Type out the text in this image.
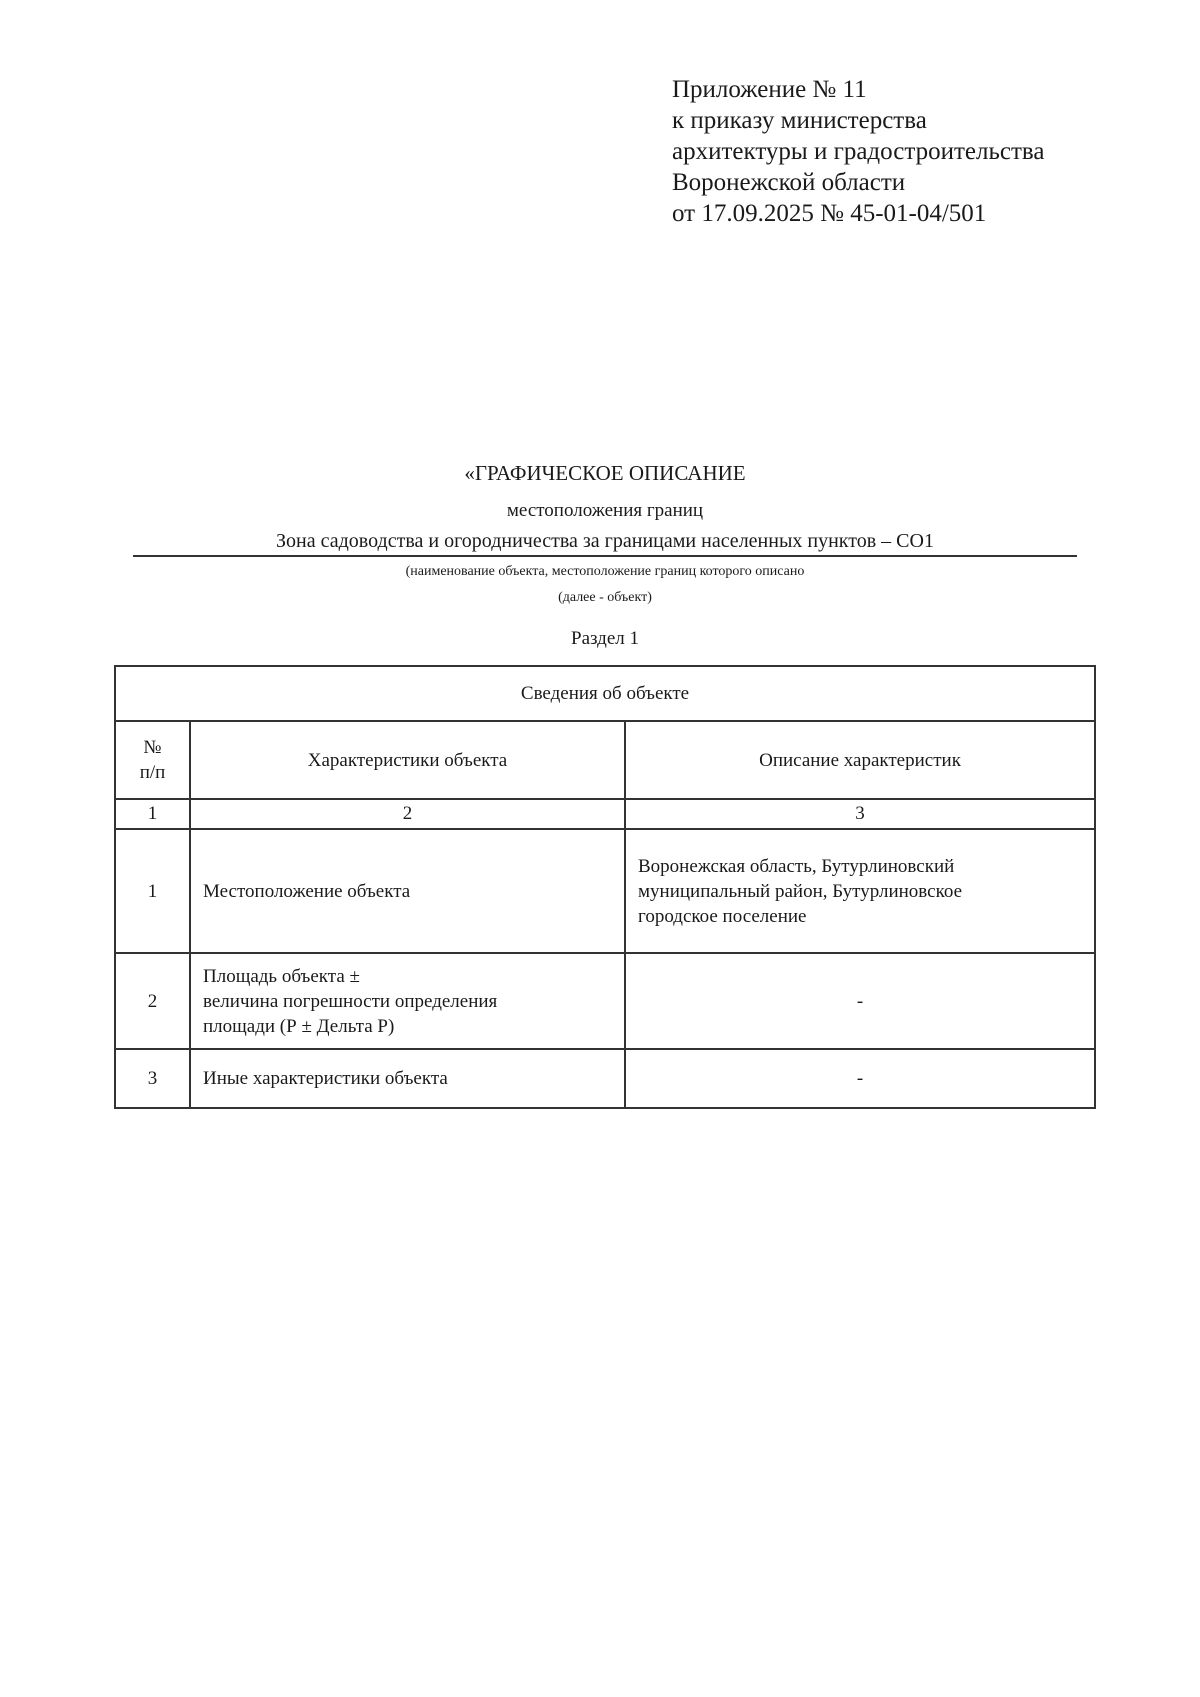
Приложение № 11
к приказу министерства
архитектуры и градостроительства
Воронежской области
от 17.09.2025 № 45-01-04/501
«ГРАФИЧЕСКОЕ ОПИСАНИЕ
местоположения границ
Зона садоводства и огородничества за границами населенных пунктов – СО1
(наименование объекта, местоположение границ которого описано
(далее - объект)
Раздел 1
Сведения об объекте		

№
п/п	Характеристики объекта	Описание характеристик
1	2	3
1	Местоположение объекта	Воронежская область, Бутурлиновский
муниципальный район, Бутурлиновское
городское поселение

2	Площадь объекта ±
величина погрешности определения
площади (Р ± Дельта Р)	-

3	Иные характеристики объекта	-
